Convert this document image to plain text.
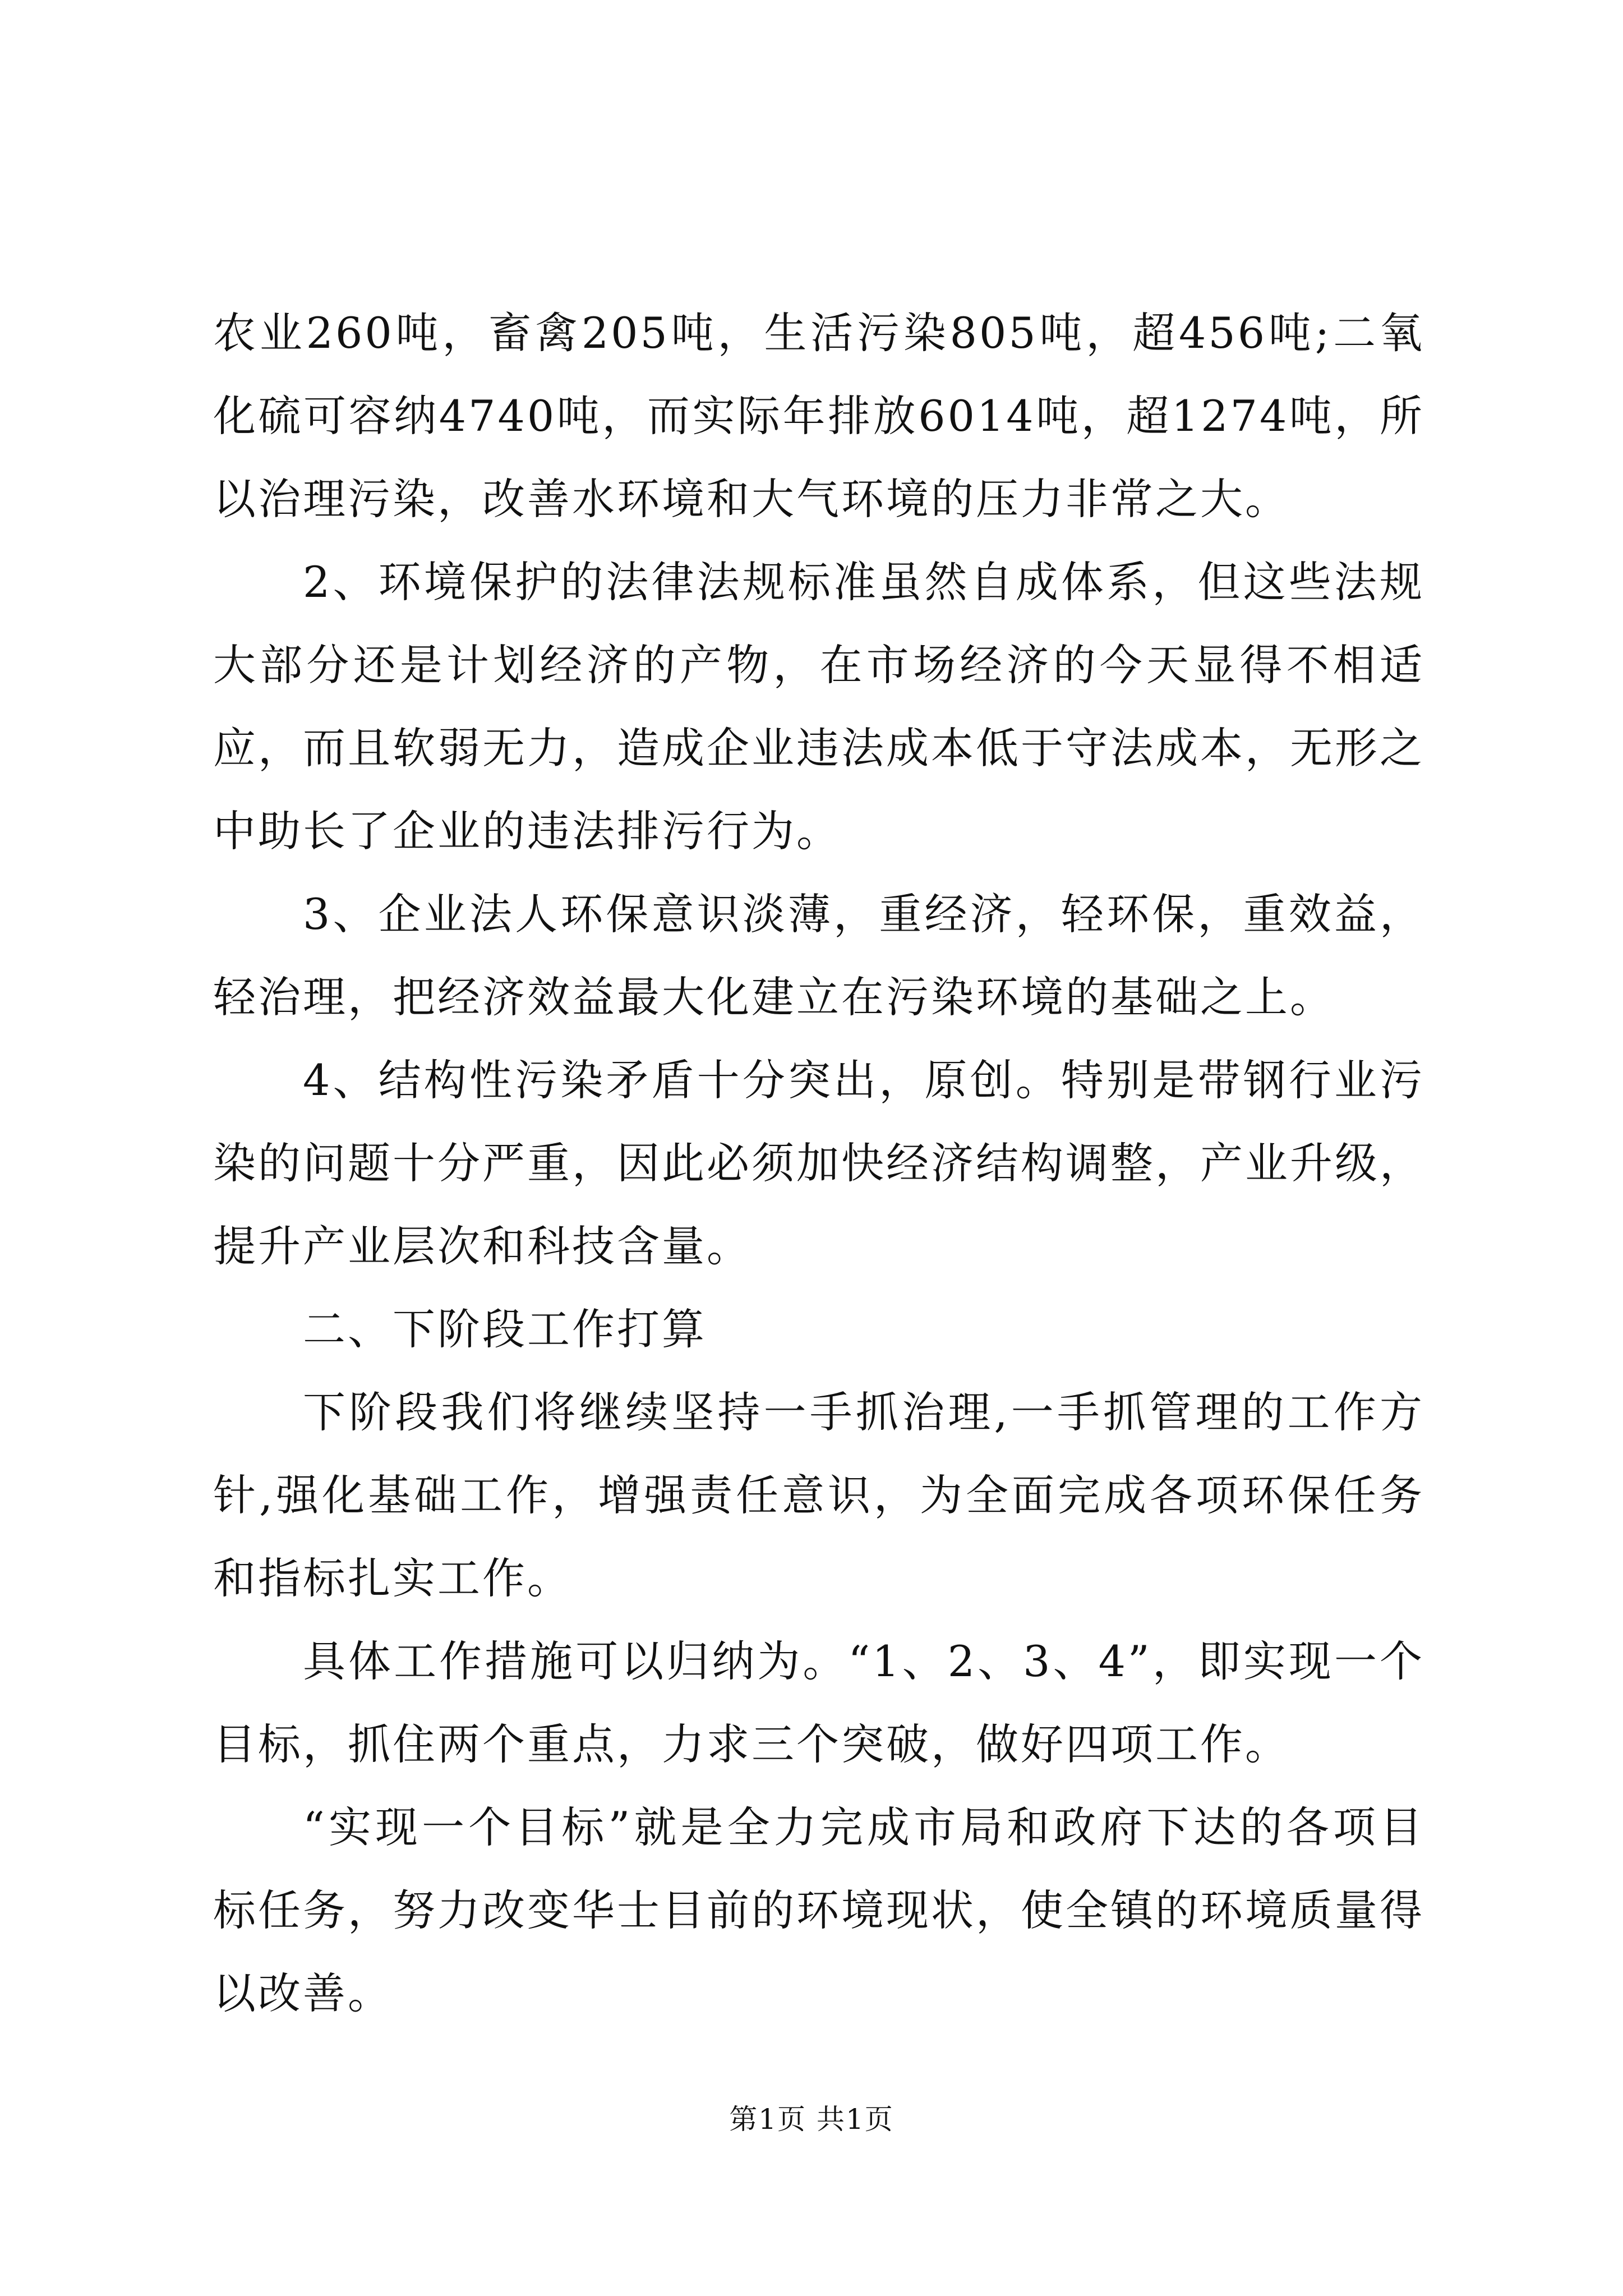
农业260吨，畜禽205吨，生活污染805吨，超456吨;二氧化硫可容纳4740吨，而实际年排放6014吨，超1274吨，所以治理污染，改善水环境和大气环境的压力非常之大。

2、环境保护的法律法规标准虽然自成体系，但这些法规大部分还是计划经济的产物，在市场经济的今天显得不相适应，而且软弱无力，造成企业违法成本低于守法成本，无形之中助长了企业的违法排污行为。

3、企业法人环保意识淡薄，重经济，轻环保，重效益，轻治理，把经济效益最大化建立在污染环境的基础之上。

4、结构性污染矛盾十分突出，原创。特别是带钢行业污染的问题十分严重，因此必须加快经济结构调整，产业升级，提升产业层次和科技含量。

二、下阶段工作打算

下阶段我们将继续坚持一手抓治理,一手抓管理的工作方针,强化基础工作，增强责任意识，为全面完成各项环保任务和指标扎实工作。

具体工作措施可以归纳为。“1、2、3、4”，即实现一个目标，抓住两个重点，力求三个突破，做好四项工作。

“实现一个目标”就是全力完成市局和政府下达的各项目标任务，努力改变华士目前的环境现状，使全镇的环境质量得以改善。

第1页 共1页
